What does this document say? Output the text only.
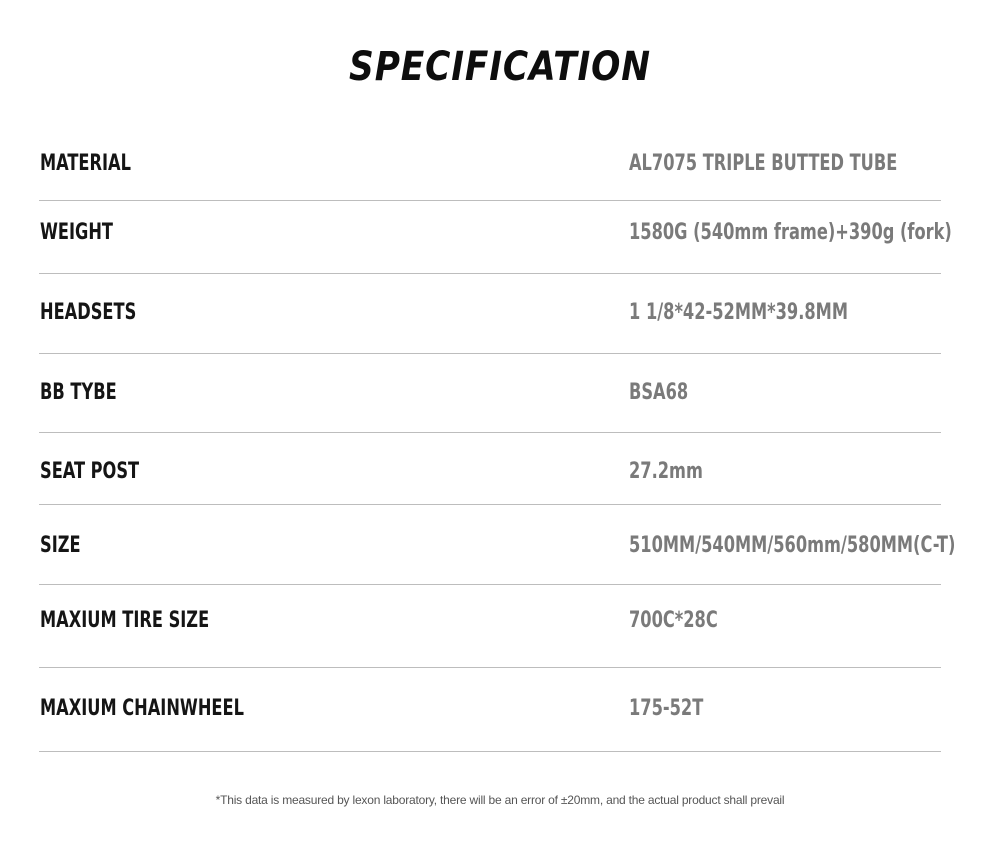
SPECIFICATION
MATERIAL	AL7075 TRIPLE BUTTED TUBE
WEIGHT	1580G (540mm frame)+390g (fork)
HEADSETS	1 1/8*42-52MM*39.8MM
BB TYBE	BSA68
SEAT POST	27.2mm
SIZE	510MM/540MM/560mm/580MM(C-T)
MAXIUM TIRE SIZE	700C*28C
MAXIUM CHAINWHEEL	175-52T
*This data is measured by lexon laboratory, there will be an error of ±20mm, and the actual product shall prevail
